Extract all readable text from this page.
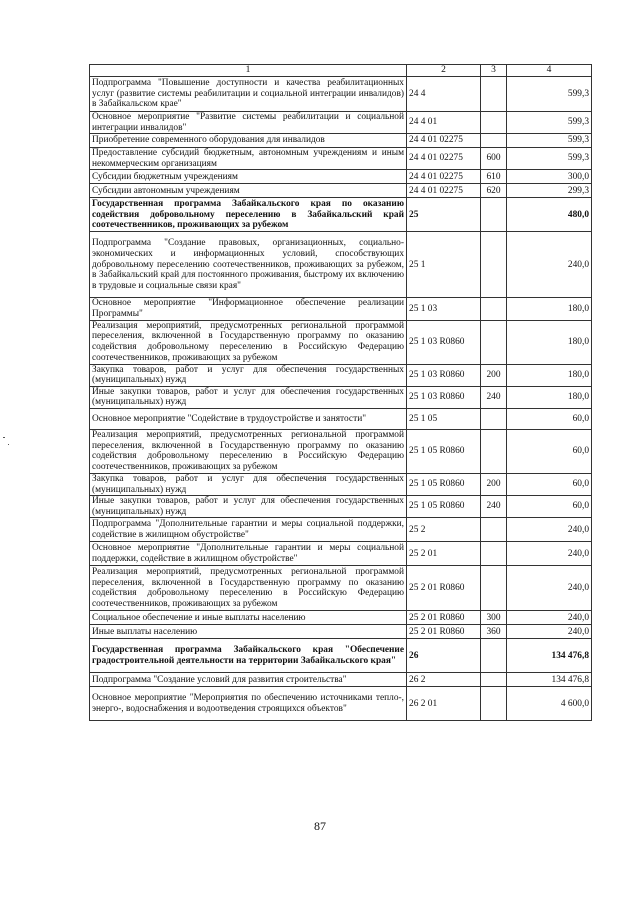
1	2	3	4
Подпрограмма "Повышение доступности и качества реабилитационных услуг (развитие системы реабилитации и социальной интеграции инвалидов) в Забайкальском крае"	24 4		599,3
Основное мероприятие "Развитие системы реабилитации и социальной интеграции инвалидов"	24 4 01		599,3
Приобретение современного оборудования для инвалидов	24 4 01 02275		599,3
Предоставление субсидий бюджетным, автономным учреждениям и иным некоммерческим организациям	24 4 01 02275	600	599,3
Субсидии бюджетным учреждениям	24 4 01 02275	610	300,0
Субсидии автономным учреждениям	24 4 01 02275	620	299,3
Государственная программа Забайкальского края по оказанию содействия добровольному переселению в Забайкальский край соотечественников, проживающих за рубежом	25		480,0
Подпрограмма "Создание правовых, организационных, социально-экономических и информационных условий, способствующих добровольному переселению соотечественников, проживающих за рубежом, в Забайкальский край для постоянного проживания, быстрому их включению в трудовые и социальные связи края"	25 1		240,0
Основное мероприятие "Информационное обеспечение реализации Программы"	25 1 03		180,0
Реализация мероприятий, предусмотренных региональной программой переселения, включенной в Государственную программу по оказанию содействия добровольному переселению в Российскую Федерацию соотечественников, проживающих за рубежом	25 1 03 R0860		180,0
Закупка товаров, работ и услуг для обеспечения государственных (муниципальных) нужд	25 1 03 R0860	200	180,0
Иные закупки товаров, работ и услуг для обеспечения государственных (муниципальных) нужд	25 1 03 R0860	240	180,0
Основное мероприятие "Содействие в трудоустройстве и занятости"	25 1 05		60,0
Реализация мероприятий, предусмотренных региональной программой переселения, включенной в Государственную программу по оказанию содействия добровольному переселению в Российскую Федерацию соотечественников, проживающих за рубежом	25 1 05 R0860		60,0
Закупка товаров, работ и услуг для обеспечения государственных (муниципальных) нужд	25 1 05 R0860	200	60,0
Иные закупки товаров, работ и услуг для обеспечения государственных (муниципальных) нужд	25 1 05 R0860	240	60,0
Подпрограмма "Дополнительные гарантии и меры социальной поддержки, содействие в жилищном обустройстве"	25 2		240,0
Основное мероприятие "Дополнительные гарантии и меры социальной поддержки, содействие в жилищном обустройстве"	25 2 01		240,0
Реализация мероприятий, предусмотренных региональной программой переселения, включенной в Государственную программу по оказанию содействия добровольному переселению в Российскую Федерацию соотечественников, проживающих за рубежом	25 2 01 R0860		240,0
Социальное обеспечение и иные выплаты населению	25 2 01 R0860	300	240,0
Иные выплаты населению	25 2 01 R0860	360	240,0
Государственная программа Забайкальского края "Обеспечение градостроительной деятельности на территории Забайкальского края"	26		134 476,8
Подпрограмма "Создание условий для развития строительства"	26 2		134 476,8
Основное мероприятие "Мероприятия по обеспечению источниками тепло-, энерго-, водоснабжения и водоотведения строящихся объектов"	26 2 01		4 600,0
87
